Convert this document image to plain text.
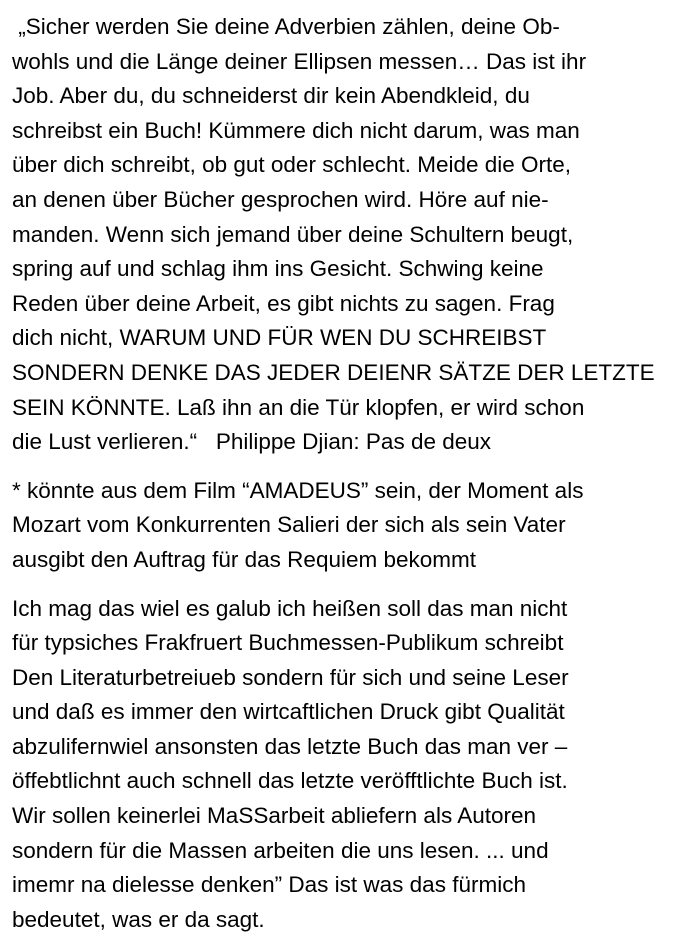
„Sicher werden Sie deine Adverbien zählen, deine Ob-
wohls und die Länge deiner Ellipsen messen… Das ist ihr
Job. Aber du, du schneiderst dir kein Abendkleid, du
schreibst ein Buch! Kümmere dich nicht darum, was man
über dich schreibt, ob gut oder schlecht. Meide die Orte,
an denen über Bücher gesprochen wird. Höre auf nie-
manden. Wenn sich jemand über deine Schultern beugt,
spring auf und schlag ihm ins Gesicht. Schwing keine
Reden über deine Arbeit, es gibt nichts zu sagen. Frag
dich nicht, WARUM UND FÜR WEN DU SCHREIBST
SONDERN DENKE DAS JEDER DEIENR SÄTZE DER LETZTE
SEIN KÖNNTE. Laß ihn an die Tür klopfen, er wird schon
die Lust verlieren.“   Philippe Djian: Pas de deux
* könnte aus dem Film “AMADEUS” sein, der Moment als
Mozart vom Konkurrenten Salieri der sich als sein Vater
ausgibt den Auftrag für das Requiem bekommt
Ich mag das wiel es galub ich heißen soll das man nicht
für typsiches Frakfruert Buchmessen-Publikum schreibt
Den Literaturbetreiueb sondern für sich und seine Leser
und daß es immer den wirtcaftlichen Druck gibt Qualität
abzulifernwiel ansonsten das letzte Buch das man ver –
öffebtlichnt auch schnell das letzte veröfftlichte Buch ist.
Wir sollen keinerlei MaSSarbeit abliefern als Autoren
sondern für die Massen arbeiten die uns lesen. ... und
imemr na dielesse denken” Das ist was das fürmich
bedeutet, was er da sagt.
